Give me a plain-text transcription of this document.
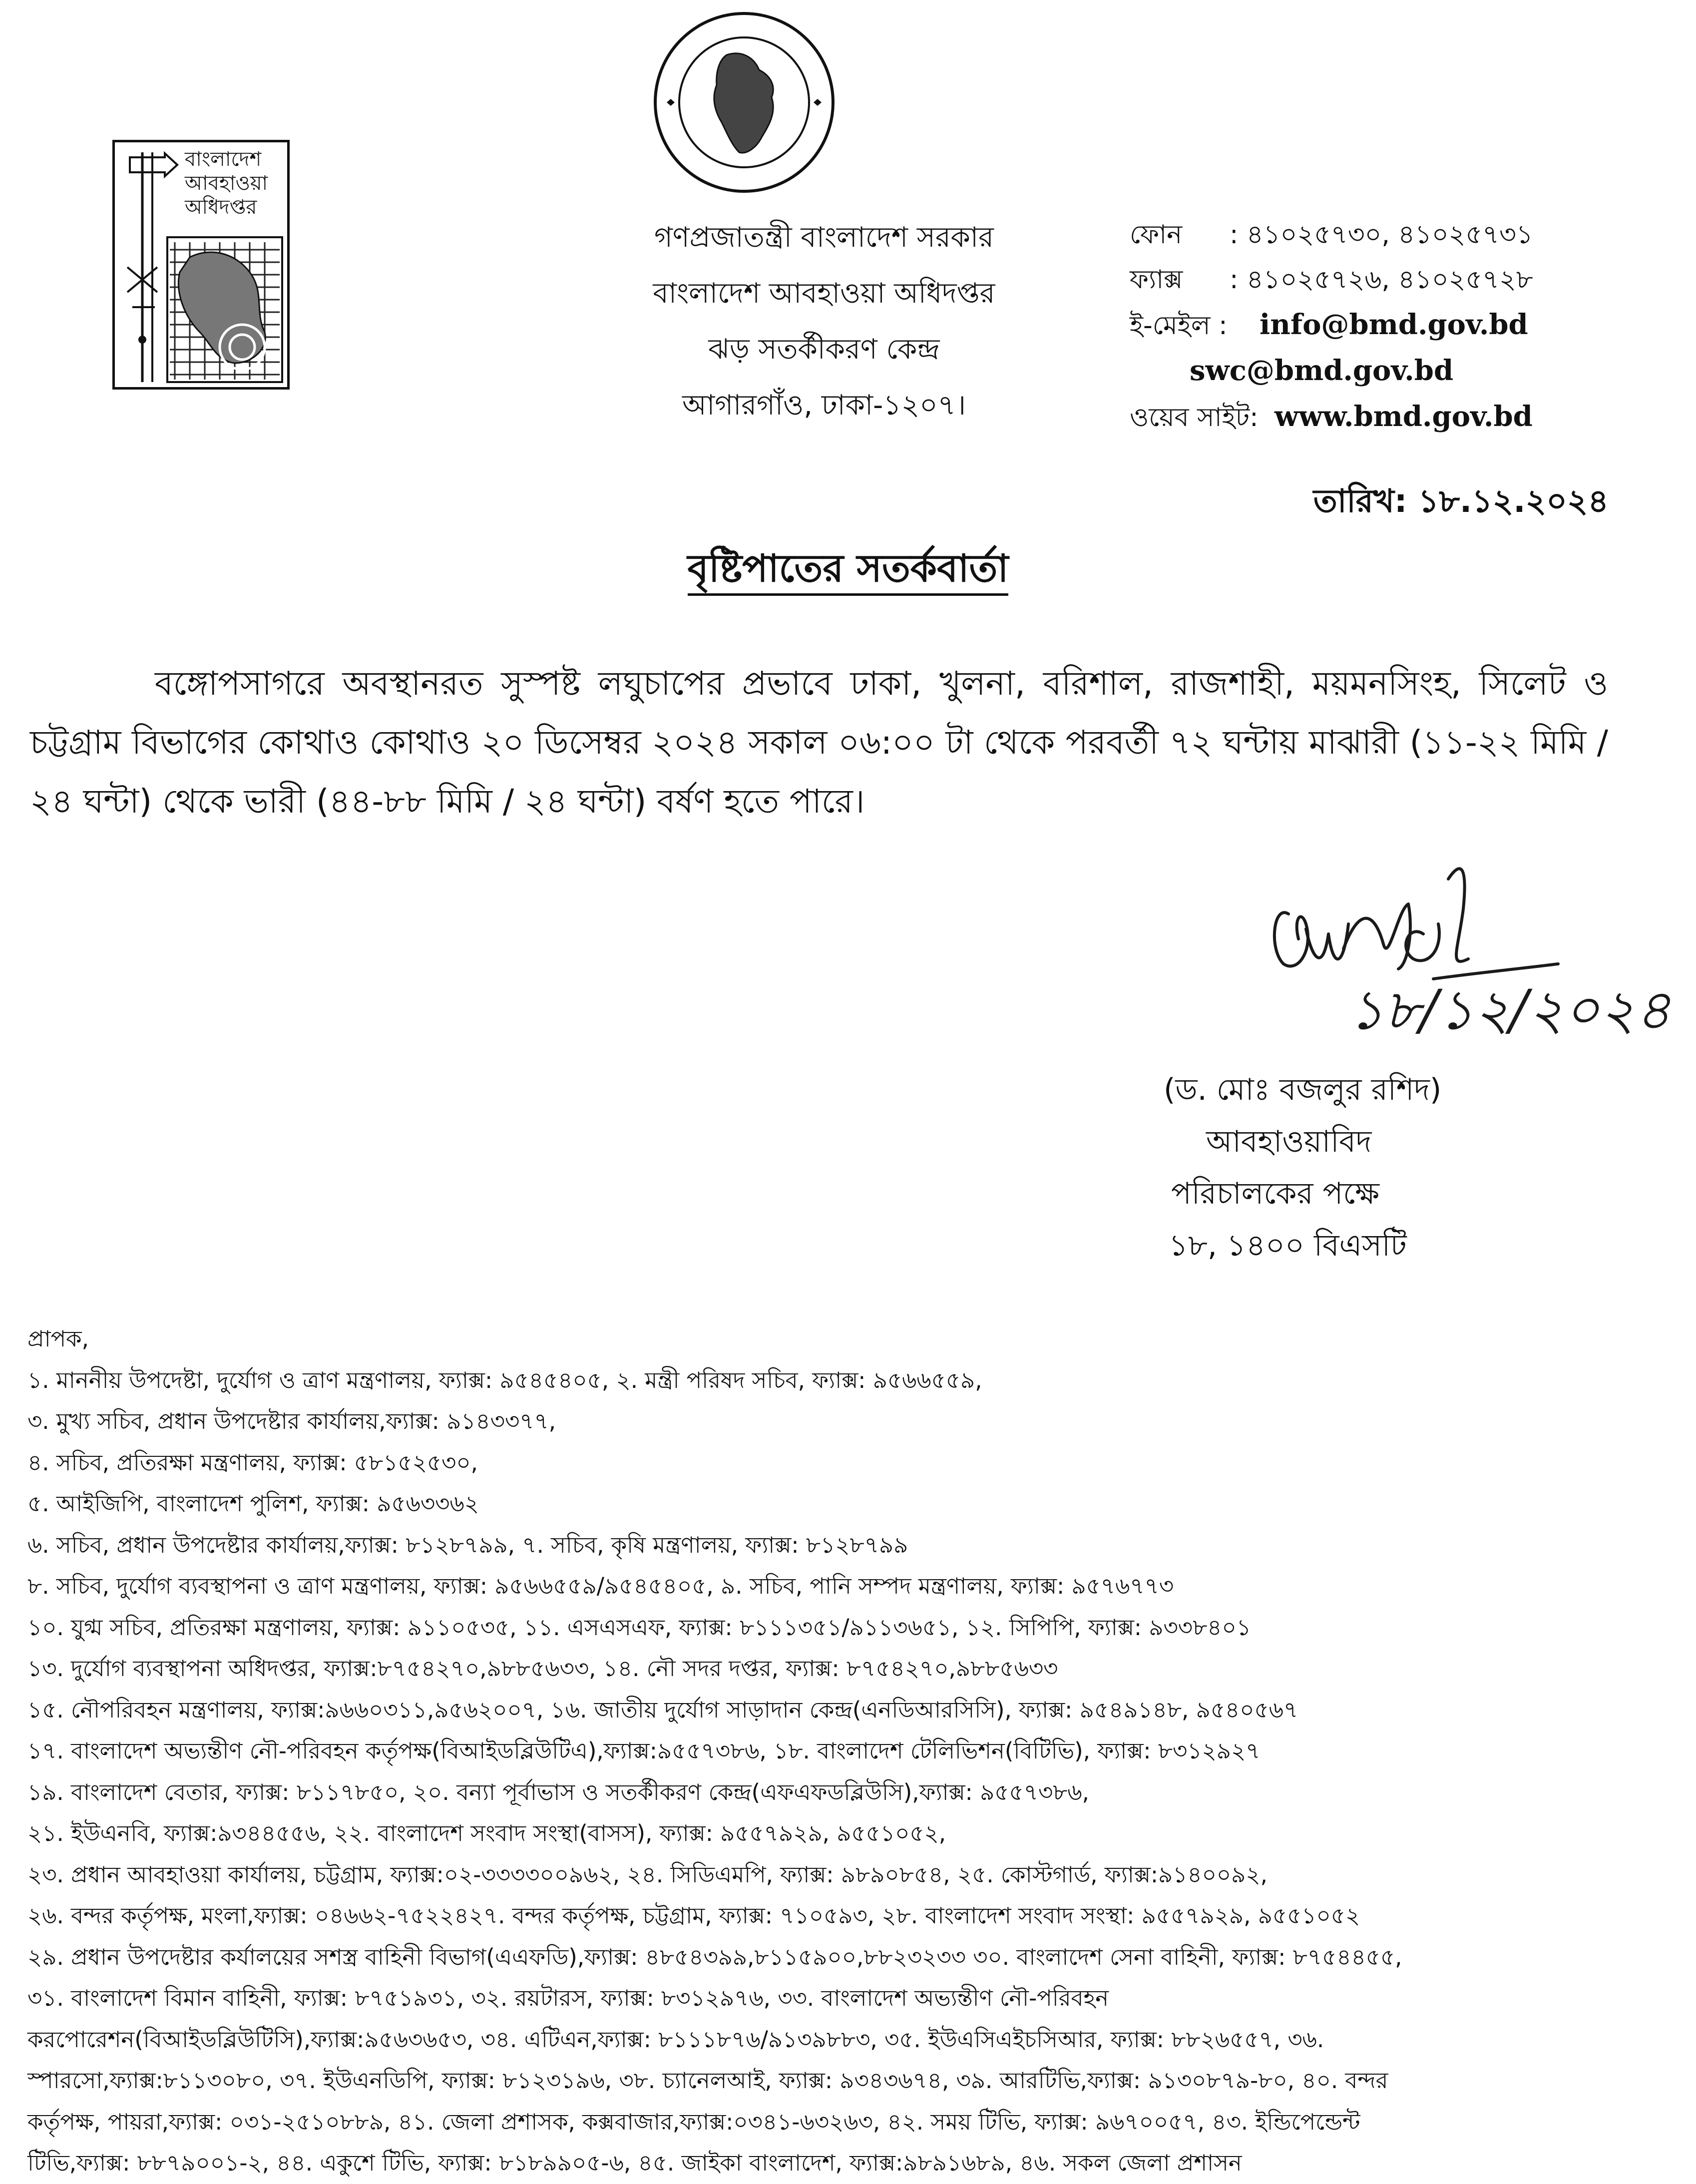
বাংলাদেশ
আবহাওয়া
অধিদপ্তর
গণপ্রজাতন্ত্রী বাংলাদেশ সরকার
বাংলাদেশ আবহাওয়া অধিদপ্তর
ঝড় সতর্কীকরণ কেন্দ্র
আগারগাঁও, ঢাকা-১২০৭।
ফোন : ৪১০২৫৭৩০, ৪১০২৫৭৩১
ফ্যাক্স : ৪১০২৫৭২৬, ৪১০২৫৭২৮
ই-মেইল : info@bmd.gov.bd
swc@bmd.gov.bd
ওয়েব সাইট: www.bmd.gov.bd
তারিখ: ১৮.১২.২০২৪
বৃষ্টিপাতের সতর্কবার্তা
বঙ্গোপসাগরে অবস্থানরত সুস্পষ্ট লঘুচাপের প্রভাবে ঢাকা, খুলনা, বরিশাল, রাজশাহী, ময়মনসিংহ, সিলেট ও চট্টগ্রাম বিভাগের কোথাও কোথাও ২০ ডিসেম্বর ২০২৪ সকাল ০৬:০০ টা থেকে পরবর্তী ৭২ ঘন্টায় মাঝারী (১১-২২ মিমি / ২৪ ঘন্টা) থেকে ভারী (৪৪-৮৮ মিমি / ২৪ ঘন্টা) বর্ষণ হতে পারে।
১৮/১২/২০২৪
(ড. মোঃ বজলুর রশিদ)
আবহাওয়াবিদ
পরিচালকের পক্ষে
১৮, ১৪০০ বিএসটি
প্রাপক,
১. মাননীয় উপদেষ্টা, দুর্যোগ ও ত্রাণ মন্ত্রণালয়, ফ্যাক্স: ৯৫৪৫৪০৫, ২. মন্ত্রী পরিষদ সচিব, ফ্যাক্স: ৯৫৬৬৫৫৯,
৩. মুখ্য সচিব, প্রধান উপদেষ্টার কার্যালয়,ফ্যাক্স: ৯১৪৩৩৭৭,
৪. সচিব, প্রতিরক্ষা মন্ত্রণালয়, ফ্যাক্স: ৫৮১৫২৫৩০,
৫. আইজিপি, বাংলাদেশ পুলিশ, ফ্যাক্স: ৯৫৬৩৩৬২
৬. সচিব, প্রধান উপদেষ্টার কার্যালয়,ফ্যাক্স: ৮১২৮৭৯৯, ৭. সচিব, কৃষি মন্ত্রণালয়, ফ্যাক্স: ৮১২৮৭৯৯
৮. সচিব, দুর্যোগ ব্যবস্থাপনা ও ত্রাণ মন্ত্রণালয়, ফ্যাক্স: ৯৫৬৬৫৫৯/৯৫৪৫৪০৫, ৯. সচিব, পানি সম্পদ মন্ত্রণালয়, ফ্যাক্স: ৯৫৭৬৭৭৩
১০. যুগ্ম সচিব, প্রতিরক্ষা মন্ত্রণালয়, ফ্যাক্স: ৯১১০৫৩৫, ১১. এসএসএফ, ফ্যাক্স: ৮১১১৩৫১/৯১১৩৬৫১, ১২. সিপিপি, ফ্যাক্স: ৯৩৩৮৪০১
১৩. দুর্যোগ ব্যবস্থাপনা অধিদপ্তর, ফ্যাক্স:৮৭৫৪২৭০,৯৮৮৫৬৩৩, ১৪. নৌ সদর দপ্তর, ফ্যাক্স: ৮৭৫৪২৭০,৯৮৮৫৬৩৩
১৫. নৌপরিবহন মন্ত্রণালয়, ফ্যাক্স:৯৬৬০৩১১,৯৫৬২০০৭, ১৬. জাতীয় দুর্যোগ সাড়াদান কেন্দ্র(এনডিআরসিসি), ফ্যাক্স: ৯৫৪৯১৪৮, ৯৫৪০৫৬৭
১৭. বাংলাদেশ অভ্যন্তীণ নৌ-পরিবহন কর্তৃপক্ষ(বিআইডব্লিউটিএ),ফ্যাক্স:৯৫৫৭৩৮৬, ১৮. বাংলাদেশ টেলিভিশন(বিটিভি), ফ্যাক্স: ৮৩১২৯২৭
১৯. বাংলাদেশ বেতার, ফ্যাক্স: ৮১১৭৮৫০, ২০. বন্যা পূর্বাভাস ও সতর্কীকরণ কেন্দ্র(এফএফডব্লিউসি),ফ্যাক্স: ৯৫৫৭৩৮৬,
২১. ইউএনবি, ফ্যাক্স:৯৩৪৪৫৫৬, ২২. বাংলাদেশ সংবাদ সংস্থা(বাসস), ফ্যাক্স: ৯৫৫৭৯২৯, ৯৫৫১০৫২,
২৩. প্রধান আবহাওয়া কার্যালয়, চট্টগ্রাম, ফ্যাক্স:০২-৩৩৩৩০০৯৬২, ২৪. সিডিএমপি, ফ্যাক্স: ৯৮৯০৮৫৪, ২৫. কোস্টগার্ড, ফ্যাক্স:৯১৪০০৯২,
২৬. বন্দর কর্তৃপক্ষ, মংলা,ফ্যাক্স: ০৪৬৬২-৭৫২২৪২৭. বন্দর কর্তৃপক্ষ, চট্টগ্রাম, ফ্যাক্স: ৭১০৫৯৩, ২৮. বাংলাদেশ সংবাদ সংস্থা: ৯৫৫৭৯২৯, ৯৫৫১০৫২
২৯. প্রধান উপদেষ্টার কর্যালয়ের সশস্ত্র বাহিনী বিভাগ(এএফডি),ফ্যাক্স: ৪৮৫৪৩৯৯,৮১১৫৯০০,৮৮২৩২৩৩ ৩০. বাংলাদেশ সেনা বাহিনী, ফ্যাক্স: ৮৭৫৪৪৫৫,
৩১. বাংলাদেশ বিমান বাহিনী, ফ্যাক্স: ৮৭৫১৯৩১, ৩২. রয়টারস, ফ্যাক্স: ৮৩১২৯৭৬, ৩৩. বাংলাদেশ অভ্যন্তীণ নৌ-পরিবহন
করপোরেশন(বিআইডব্লিউটিসি),ফ্যাক্স:৯৫৬৩৬৫৩, ৩৪. এটিএন,ফ্যাক্স: ৮১১১৮৭৬/৯১৩৯৮৮৩, ৩৫. ইউএসিএইচসিআর, ফ্যাক্স: ৮৮২৬৫৫৭, ৩৬.
স্পারসো,ফ্যাক্স:৮১১৩০৮০, ৩৭. ইউএনডিপি, ফ্যাক্স: ৮১২৩১৯৬, ৩৮. চ্যানেলআই, ফ্যাক্স: ৯৩৪৩৬৭৪, ৩৯. আরটিভি,ফ্যাক্স: ৯১৩০৮৭৯-৮০, ৪০. বন্দর
কর্তৃপক্ষ, পায়রা,ফ্যাক্স: ০৩১-২৫১০৮৮৯, ৪১. জেলা প্রশাসক, কক্সবাজার,ফ্যাক্স:০৩৪১-৬৩২৬৩, ৪২. সময় টিভি, ফ্যাক্স: ৯৬৭০০৫৭, ৪৩. ইন্ডিপেন্ডেন্ট
টিভি,ফ্যাক্স: ৮৮৭৯০০১-২, ৪৪. একুশে টিভি, ফ্যাক্স: ৮১৮৯৯০৫-৬, ৪৫. জাইকা বাংলাদেশ, ফ্যাক্স:৯৮৯১৬৮৯, ৪৬. সকল জেলা প্রশাসন
